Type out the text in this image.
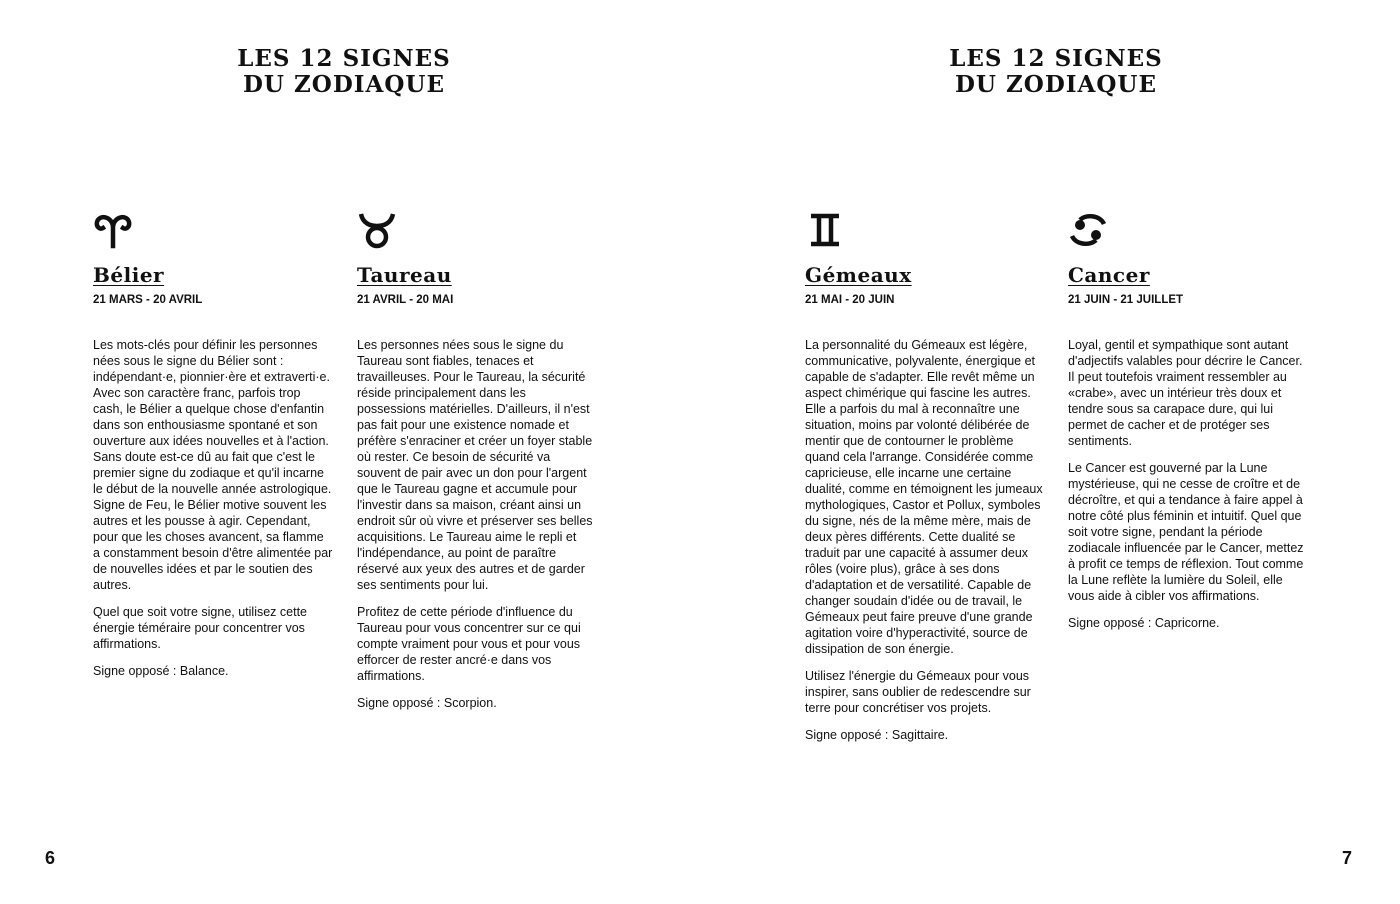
LES 12 SIGNES
DU ZODIAQUE
Bélier
21 MARS - 20 AVRIL

Les mots-clés pour définir les personnes nées sous le signe du Bélier sont : indépendant·e, pionnier·ère et extraverti·e. Avec son caractère franc, parfois trop cash, le Bélier a quelque chose d'enfantin dans son enthousiasme spontané et son ouverture aux idées nouvelles et à l'action. Sans doute est-ce dû au fait que c'est le premier signe du zodiaque et qu'il incarne le début de la nouvelle année astrologique. Signe de Feu, le Bélier motive souvent les autres et les pousse à agir. Cependant, pour que les choses avancent, sa flamme a constamment besoin d'être alimentée par de nouvelles idées et par le soutien des autres.

Quel que soit votre signe, utilisez cette énergie téméraire pour concentrer vos affirmations.

Signe opposé : Balance.

Taureau
21 AVRIL - 20 MAI

Les personnes nées sous le signe du Taureau sont fiables, tenaces et travailleuses. Pour le Taureau, la sécurité réside principalement dans les possessions matérielles. D'ailleurs, il n'est pas fait pour une existence nomade et préfère s'enraciner et créer un foyer stable où rester. Ce besoin de sécurité va souvent de pair avec un don pour l'argent que le Taureau gagne et accumule pour l'investir dans sa maison, créant ainsi un endroit sûr où vivre et préserver ses belles acquisitions. Le Taureau aime le repli et l'indépendance, au point de paraître réservé aux yeux des autres et de garder ses sentiments pour lui.

Profitez de cette période d'influence du Taureau pour vous concentrer sur ce qui compte vraiment pour vous et pour vous efforcer de rester ancré·e dans vos affirmations.

Signe opposé : Scorpion.

6
LES 12 SIGNES
DU ZODIAQUE
Gémeaux
21 MAI - 20 JUIN

La personnalité du Gémeaux est légère, communicative, polyvalente, énergique et capable de s'adapter. Elle revêt même un aspect chimérique qui fascine les autres. Elle a parfois du mal à reconnaître une situation, moins par volonté délibérée de mentir que de contourner le problème quand cela l'arrange. Considérée comme capricieuse, elle incarne une certaine dualité, comme en témoignent les jumeaux mythologiques, Castor et Pollux, symboles du signe, nés de la même mère, mais de deux pères différents. Cette dualité se traduit par une capacité à assumer deux rôles (voire plus), grâce à ses dons d'adaptation et de versatilité. Capable de changer soudain d'idée ou de travail, le Gémeaux peut faire preuve d'une grande agitation voire d'hyperactivité, source de dissipation de son énergie.

Utilisez l'énergie du Gémeaux pour vous inspirer, sans oublier de redescendre sur terre pour concrétiser vos projets.

Signe opposé : Sagittaire.

Cancer
21 JUIN - 21 JUILLET

Loyal, gentil et sympathique sont autant d'adjectifs valables pour décrire le Cancer. Il peut toutefois vraiment ressembler au «crabe», avec un intérieur très doux et tendre sous sa carapace dure, qui lui permet de cacher et de protéger ses sentiments.

Le Cancer est gouverné par la Lune mystérieuse, qui ne cesse de croître et de décroître, et qui a tendance à faire appel à notre côté plus féminin et intuitif. Quel que soit votre signe, pendant la période zodiacale influencée par le Cancer, mettez à profit ce temps de réflexion. Tout comme la Lune reflète la lumière du Soleil, elle vous aide à cibler vos affirmations.

Signe opposé : Capricorne.

7
